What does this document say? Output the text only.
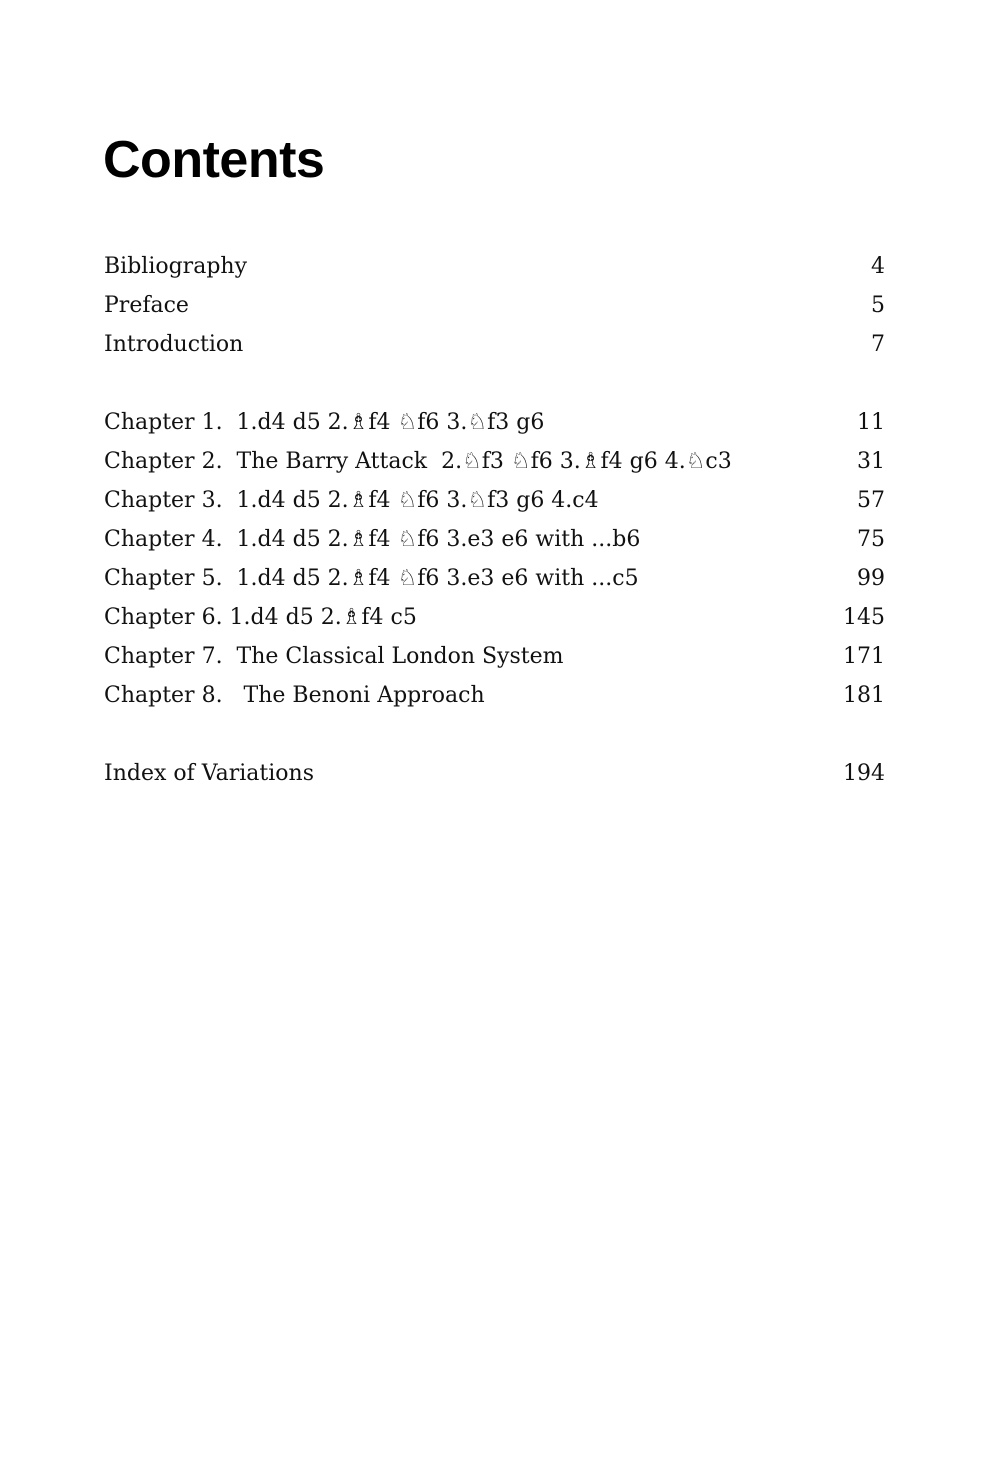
Contents
Bibliography	4
Preface	5
Introduction	7
Chapter 1.  1.d4 d5 2.♗f4 ♘f6 3.♘f3 g6	11
Chapter 2.  The Barry Attack  2.♘f3 ♘f6 3.♗f4 g6 4.♘c3	31
Chapter 3.  1.d4 d5 2.♗f4 ♘f6 3.♘f3 g6 4.c4	57
Chapter 4.  1.d4 d5 2.♗f4 ♘f6 3.e3 e6 with ...b6	75
Chapter 5.  1.d4 d5 2.♗f4 ♘f6 3.e3 e6 with ...c5	99
Chapter 6. 1.d4 d5 2.♗f4 c5	145
Chapter 7.  The Classical London System	171
Chapter 8.   The Benoni Approach	181
Index of Variations	194
